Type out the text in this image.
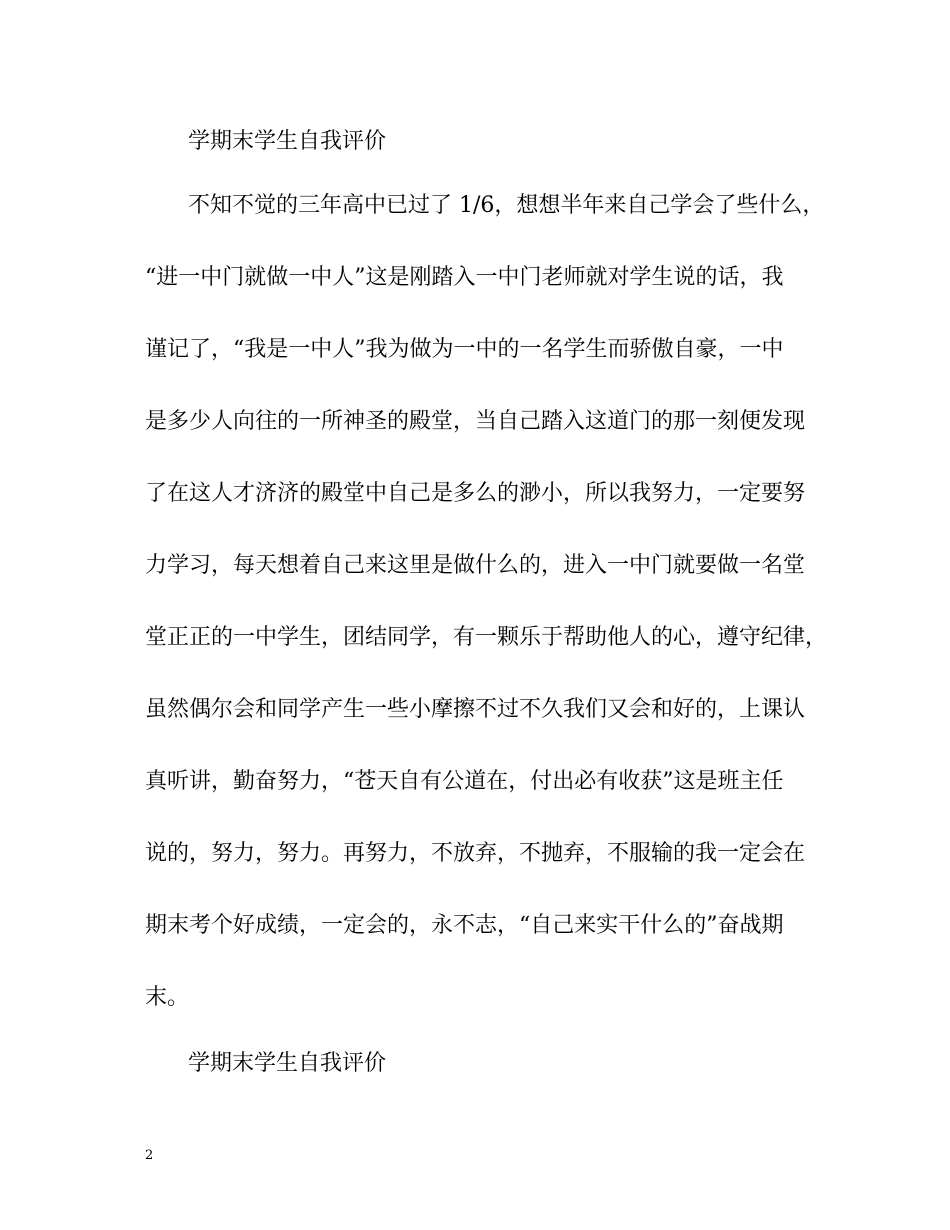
学期末学生自我评价

不知不觉的三年高中已过了 1/6，想想半年来自己学会了些什么，

“进一中门就做一中人”这是刚踏入一中门老师就对学生说的话，我

谨记了，“我是一中人”我为做为一中的一名学生而骄傲自豪，一中

是多少人向往的一所神圣的殿堂，当自己踏入这道门的那一刻便发现

了在这人才济济的殿堂中自己是多么的渺小，所以我努力，一定要努

力学习，每天想着自己来这里是做什么的，进入一中门就要做一名堂

堂正正的一中学生，团结同学，有一颗乐于帮助他人的心，遵守纪律，

虽然偶尔会和同学产生一些小摩擦不过不久我们又会和好的，上课认

真听讲，勤奋努力，“苍天自有公道在，付出必有收获”这是班主任

说的，努力，努力。再努力，不放弃，不抛弃，不服输的我一定会在

期末考个好成绩，一定会的，永不志，“自己来实干什么的”奋战期

末。

学期末学生自我评价

2
